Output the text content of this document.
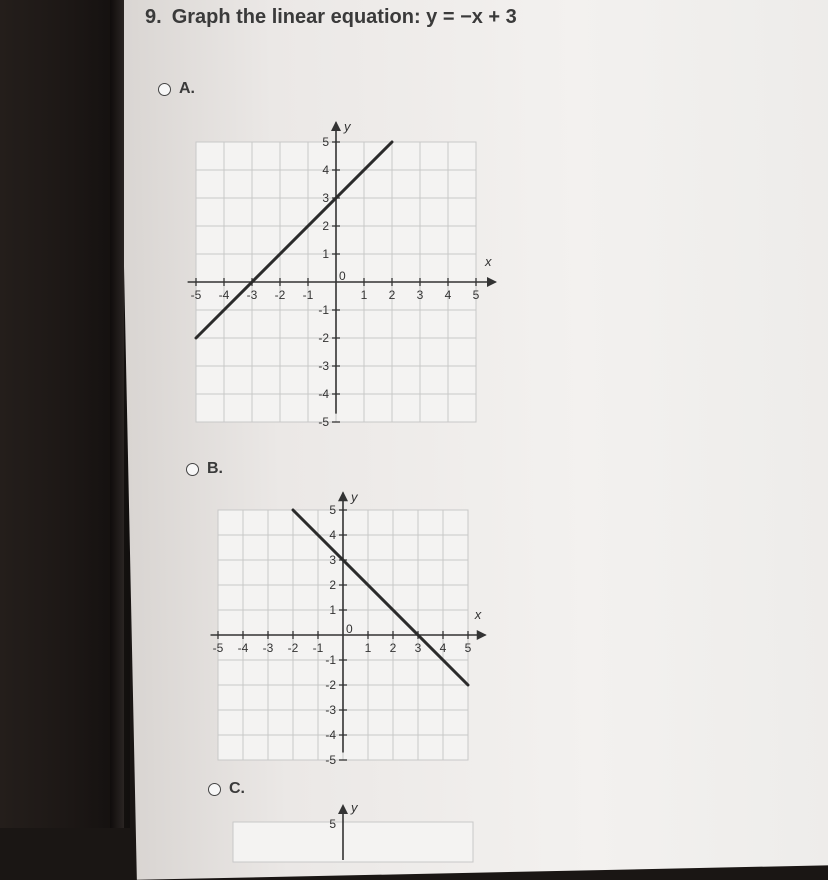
9. Graph the linear equation: y = −x + 3
A.
x
y
-5 -4 -3 -2 -1	1 2 3 4 5
5
4
3
2
1
-1
-2
-3
-4
-5
0
B.
x
y
-5 -4 -3 -2 -1	1 2 3 4 5
5
4
3
2
1
-1
-2
-3
-4
-5
0
C.
y
5
